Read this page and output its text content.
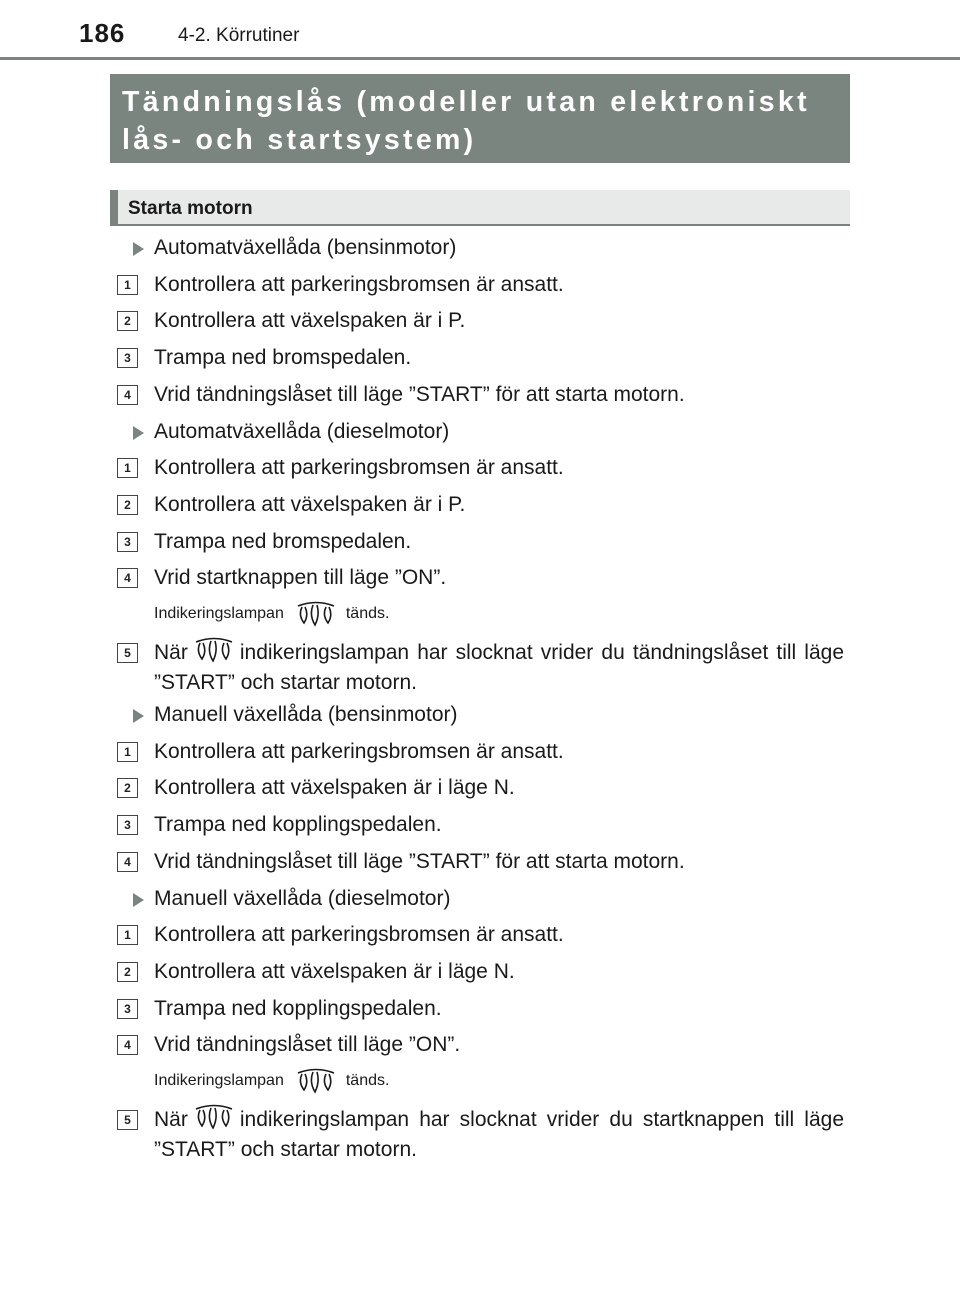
186	4-2. Körrutiner

Tändningslås (modeller utan elektroniskt

lås- och startsystem)

Starta motorn
Automatväxellåda (bensinmotor)
1	Kontrollera att parkeringsbromsen är ansatt.
2	Kontrollera att växelspaken är i P.
3	Trampa ned bromspedalen.
4	Vrid tändningslåset till läge ”START” för att starta motorn.
Automatväxellåda (dieselmotor)
1	Kontrollera att parkeringsbromsen är ansatt.
2	Kontrollera att växelspaken är i P.
3	Trampa ned bromspedalen.
4	Vrid startknappen till läge ”ON”.
Indikeringslampan	tänds.
5	När indikeringslampan har slocknat vrider du tändningslåset till läge ”START” och startar motorn.
Manuell växellåda (bensinmotor)
1	Kontrollera att parkeringsbromsen är ansatt.
2	Kontrollera att växelspaken är i läge N.
3	Trampa ned kopplingspedalen.
4	Vrid tändningslåset till läge ”START” för att starta motorn.
Manuell växellåda (dieselmotor)
1	Kontrollera att parkeringsbromsen är ansatt.
2	Kontrollera att växelspaken är i läge N.
3	Trampa ned kopplingspedalen.
4	Vrid tändningslåset till läge ”ON”.
Indikeringslampan	tänds.
5	När indikeringslampan har slocknat vrider du startknappen till läge ”START” och startar motorn.
